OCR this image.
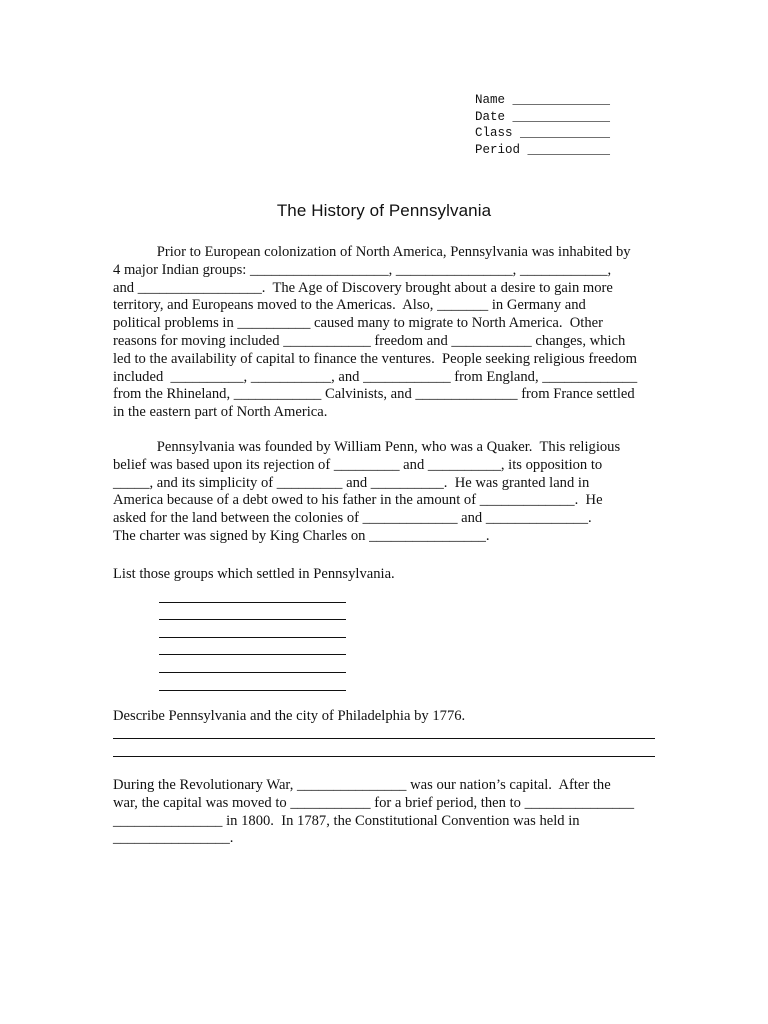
Name _____________
Date _____________
Class ____________
Period ___________
The History of Pennsylvania
Prior to European colonization of North America, Pennsylvania was inhabited by
4 major Indian groups: ___________________, ________________, ____________,
and _________________.  The Age of Discovery brought about a desire to gain more
territory, and Europeans moved to the Americas.  Also, _______ in Germany and
political problems in __________ caused many to migrate to North America.  Other
reasons for moving included ____________ freedom and ___________ changes, which
led to the availability of capital to finance the ventures.  People seeking religious freedom
included  __________, ___________, and ____________ from England, _____________
from the Rhineland, ____________ Calvinists, and ______________ from France settled
in the eastern part of North America.
Pennsylvania was founded by William Penn, who was a Quaker.  This religious
belief was based upon its rejection of _________ and __________, its opposition to
_____, and its simplicity of _________ and __________.  He was granted land in
America because of a debt owed to his father in the amount of _____________.  He
asked for the land between the colonies of _____________ and ______________.
The charter was signed by King Charles on ________________.
List those groups which settled in Pennsylvania.
Describe Pennsylvania and the city of Philadelphia by 1776.
During the Revolutionary War, _______________ was our nation’s capital.  After the
war, the capital was moved to ___________ for a brief period, then to _______________
_______________ in 1800.  In 1787, the Constitutional Convention was held in
________________.
